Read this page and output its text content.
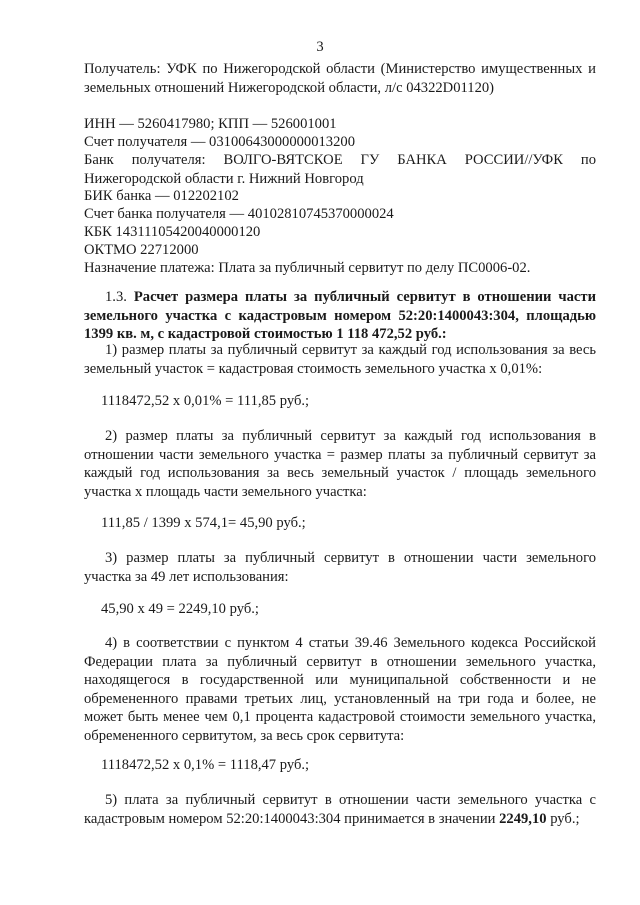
3

Получатель: УФК по Нижегородской области (Министерство имущественных и земельных отношений Нижегородской области, л/с 04322D01120)

ИНН — 5260417980; КПП — 526001001

Счет получателя — 03100643000000013200

Банк получателя: ВОЛГО-ВЯТСКОЕ ГУ БАНКА РОССИИ//УФК по Нижегородской области г. Нижний Новгород

БИК банка — 012202102

Счет банка получателя — 40102810745370000024

КБК 14311105420040000120

ОКТМО 22712000

Назначение платежа: Плата за публичный сервитут по делу ПС0006-02.

1.3. Расчет размера платы за публичный сервитут в отношении части земельного участка с кадастровым номером 52:20:1400043:304, площадью 1399 кв. м, с кадастровой стоимостью 1 118 472,52 руб.:

1) размер платы за публичный сервитут за каждый год использования за весь земельный участок = кадастровая стоимость земельного участка х 0,01%:

1118472,52 х 0,01% = 111,85 руб.;

2) размер платы за публичный сервитут за каждый год использования в отношении части земельного участка = размер платы за публичный сервитут за каждый год использования за весь земельный участок / площадь земельного участка х площадь части земельного участка:

111,85 / 1399 х 574,1= 45,90 руб.;

3) размер платы за публичный сервитут в отношении части земельного участка за 49 лет использования:

45,90 х 49 = 2249,10 руб.;

4) в соответствии с пунктом 4 статьи 39.46 Земельного кодекса Российской Федерации плата за публичный сервитут в отношении земельного участка, находящегося в государственной или муниципальной собственности и не обремененного правами третьих лиц, установленный на три года и более, не может быть менее чем 0,1 процента кадастровой стоимости земельного участка, обремененного сервитутом, за весь срок сервитута:

1118472,52 х 0,1% = 1118,47 руб.;

5) плата за публичный сервитут в отношении части земельного участка с кадастровым номером 52:20:1400043:304 принимается в значении 2249,10 руб.;
